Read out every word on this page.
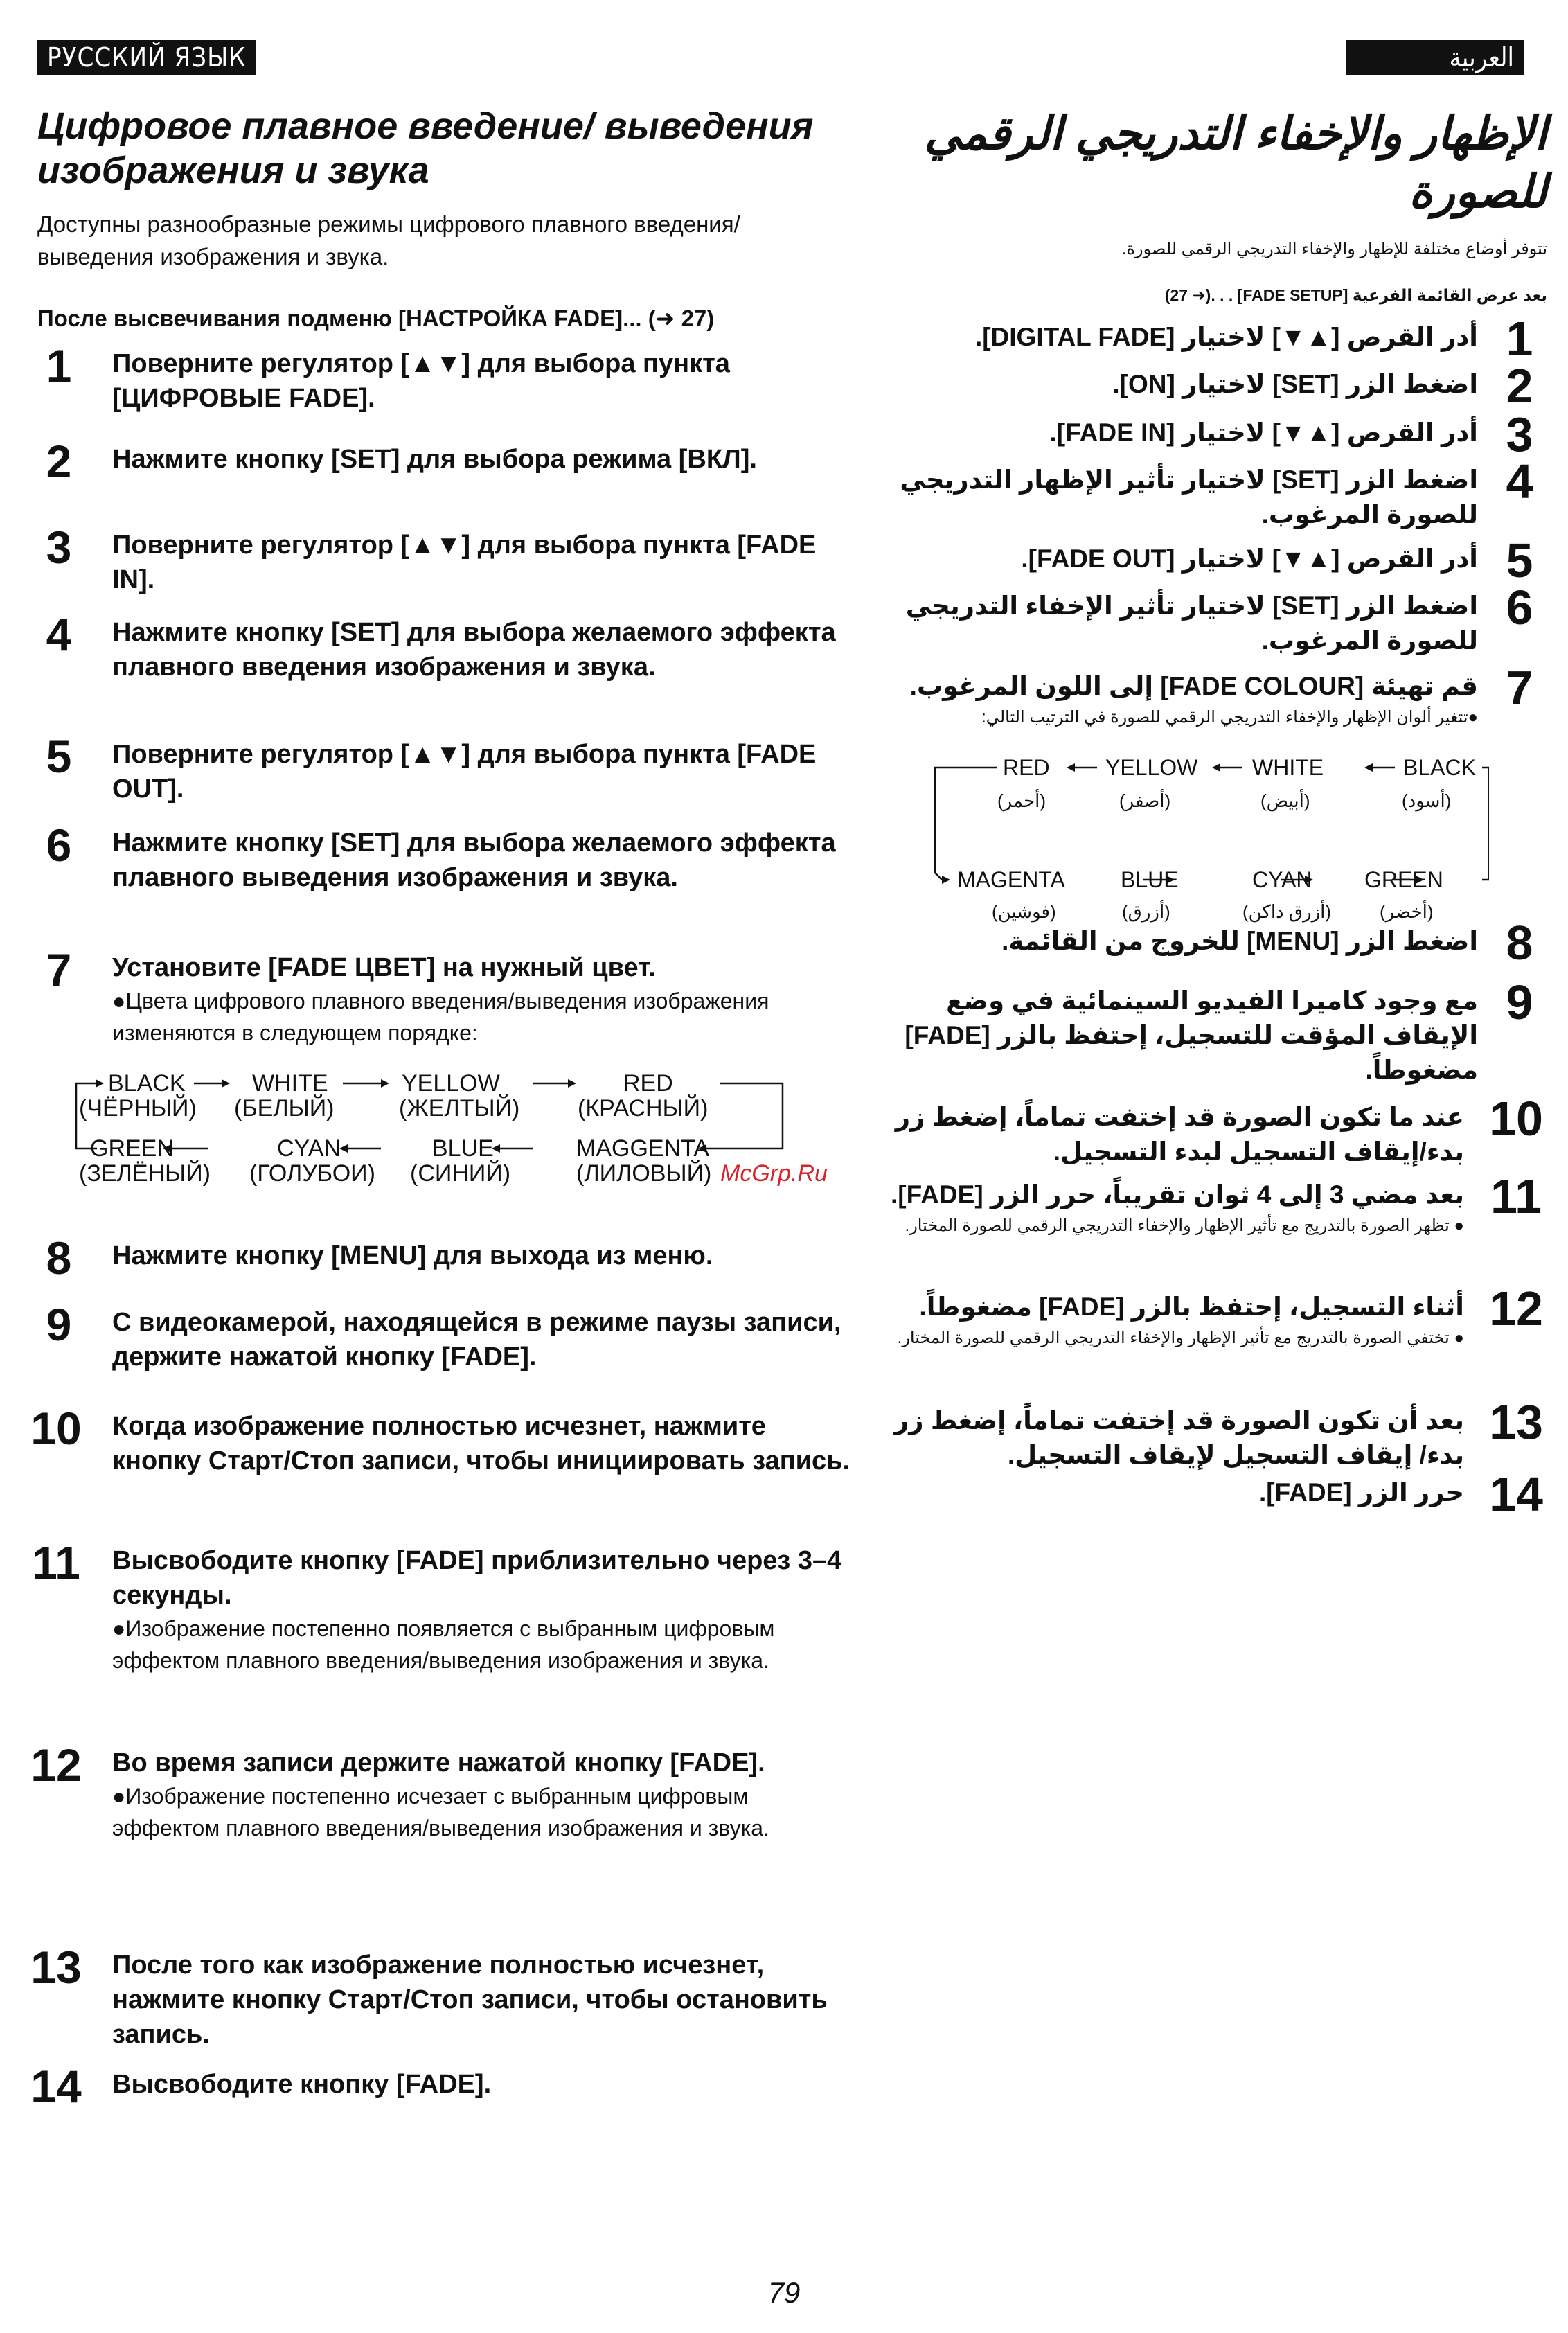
РУССКИЙ ЯЗЫК	العربية
Цифровое плавное введение/ выведения изображения и звука
Доступны разнообразные режимы цифрового плавного введения/выведения изображения и звука.
После высвечивания подменю [НАСТРОЙКА FADE]... (➜ 27)
1	Поверните регулятор [▲▼] для выбора пункта [ЦИФРОВЫЕ FADE].
2	Нажмите кнопку [SET] для выбора режима [ВКЛ].
3	Поверните регулятор [▲▼] для выбора пункта [FADE IN].
4	Нажмите кнопку [SET] для выбора желаемого эффекта плавного введения изображения и звука.
5	Поверните регулятор [▲▼] для выбора пункта [FADE OUT].
6	Нажмите кнопку [SET] для выбора желаемого эффекта плавного выведения изображения и звука.
7	Установите [FADE ЦВЕТ] на нужный цвет.
●Цвета цифрового плавного введения/выведения изображения изменяются в следующем порядке:
BLACK
(ЧЁРНЫЙ)
WHITE
(БЕЛЫЙ)
YELLOW
(ЖЕЛТЫЙ)
RED
(КРАСНЫЙ)
GREEN
(ЗЕЛЁНЫЙ)
CYAN
(ГОЛУБОИ)
BLUE
(СИНИЙ)
MAGGENTA
(ЛИЛОВЫЙ) McGrp.Ru
8	Нажмите кнопку [MENU] для выхода из меню.
9	С видеокамерой, находящейся в режиме паузы записи, держите нажатой кнопку [FADE].
10	Когда изображение полностью исчезнет, нажмите кнопку Старт/Стоп записи, чтобы инициировать запись.
11	Высвободите кнопку [FADE] приблизительно через 3–4 секунды.
●Изображение постепенно появляется с выбранным цифровым эффектом плавного введения/выведения изображения и звука.
12	Во время записи держите нажатой кнопку [FADE].
●Изображение постепенно исчезает с выбранным цифровым эффектом плавного введения/выведения изображения и звука.
13	После того как изображение полностью исчезнет, нажмите кнопку Старт/Стоп записи, чтобы остановить запись.
14	Высвободите кнопку [FADE].
الإظهار والإخفاء التدريجي الرقمي للصورة
تتوفر أوضاع مختلفة للإظهار والإخفاء التدريجي الرقمي للصورة.
بعد عرض القائمة الفرعية [FADE SETUP] . . .(➜ 27)
1
أدر القرص [▲▼] لاختيار [DIGITAL FADE].
2
اضغط الزر [SET] لاختيار [ON].
3
أدر القرص [▲▼] لاختيار [FADE IN].
4
اضغط الزر [SET] لاختيار تأثير الإظهار التدريجي للصورة المرغوب.
5
أدر القرص [▲▼] لاختيار [FADE OUT].
6
اضغط الزر [SET] لاختيار تأثير الإخفاء التدريجي للصورة المرغوب.
7
قم تهيئة [FADE COLOUR] إلى اللون المرغوب.
●تتغير ألوان الإظهار والإخفاء التدريجي الرقمي للصورة في الترتيب التالي:
RED
(أحمر)
YELLOW
(أصفر)
WHITE
(أبيض)
BLACK
(أسود)
MAGENTA
(فوشين)
BLUE
(أزرق)
CYAN
(أزرق داكن)
GREEN
(أخضر)
8
اضغط الزر [MENU] للخروج من القائمة.
9
مع وجود كاميرا الفيديو السينمائية في وضع الإيقاف المؤقت للتسجيل، إحتفظ بالزر [FADE] مضغوطاً.
10
عند ما تكون الصورة قد إختفت تماماً، إضغط زر بدء/إيقاف التسجيل لبدء التسجيل.
11
بعد مضي 3 إلى 4 ثوان تقريباً، حرر الزر [FADE].
● تظهر الصورة بالتدريج مع تأثير الإظهار والإخفاء التدريجي الرقمي للصورة المختار.
12
أثناء التسجيل، إحتفظ بالزر [FADE] مضغوطاً.
● تختفي الصورة بالتدريج مع تأثير الإظهار والإخفاء التدريجي الرقمي للصورة المختار.
13
بعد أن تكون الصورة قد إختفت تماماً، إضغط زر بدء/ إيقاف التسجيل لإيقاف التسجيل.
14
حرر الزر [FADE].
79
